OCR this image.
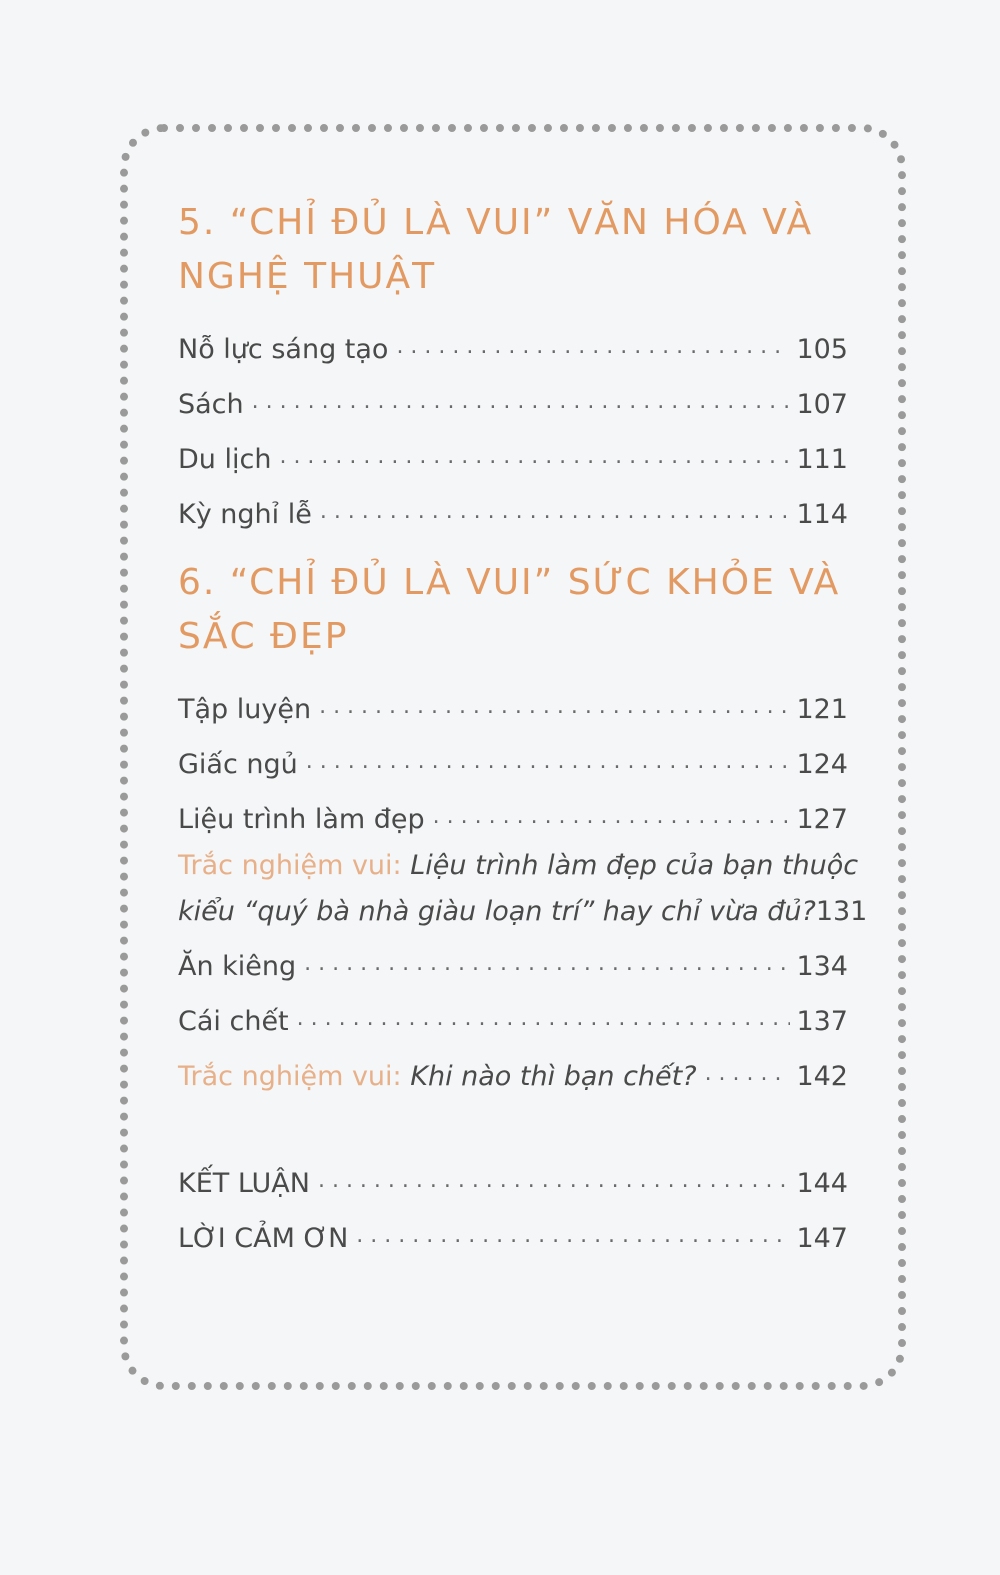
5. “CHỈ ĐỦ LÀ VUI” VĂN HÓA VÀ NGHỆ THUẬT
Nỗ lực sáng tạo . . .	105
Sách . . .	107
Du lịch . . .	111
Kỳ nghỉ lễ . . .	114
6. “CHỈ ĐỦ LÀ VUI” SỨC KHỎE VÀ SẮC ĐẸP
Tập luyện . . .	121
Giấc ngủ . . .	124
Liệu trình làm đẹp . . .	127
Trắc nghiệm vui:
Liệu trình làm đẹp của bạn thuộc
kiểu “quý bà nhà giàu loạn trí” hay chỉ vừa đủ? 131
Ăn kiêng . . .	134
Cái chết . . .	137
Trắc nghiệm vui: Khi nào thì bạn chết? . . .	142
KẾT LUẬN . . .	144
LỜI CẢM ƠN . . .	147
